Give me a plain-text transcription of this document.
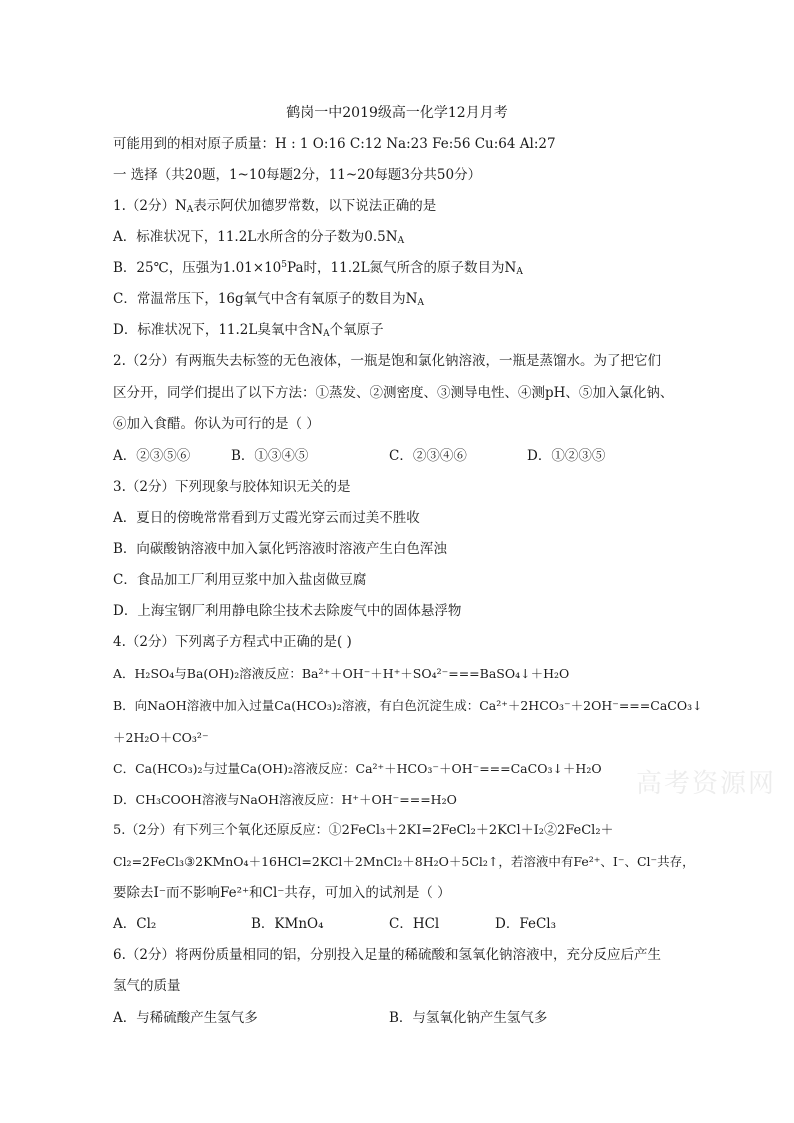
鹤岗一中2019级高一化学12月月考
可能用到的相对原子质量：H : 1 O:16 C:12 Na:23 Fe:56 Cu:64 Al:27
一 选择（共20题，1~10每题2分，11~20每题3分共50分）
1.（2分）$N_A$表示阿伏加德罗常数，以下说法正确的是
A．标准状况下，11.2L水所含的分子数为$0.5N_A$
B．25℃，压强为$1.01\times 10^5Pa$时，11.2L氮气所含的原子数目为$N_A$
C．常温常压下，16g氧气中含有氧原子的数目为$N_A$
D．标准状况下，11.2L臭氧中含$N_A$个氧原子
2.（2分）有两瓶失去标签的无色液体，一瓶是饱和氯化钠溶液，一瓶是蒸馏水。为了把它们
区分开，同学们提出了以下方法：①蒸发、②测密度、③测导电性、④测pH、⑤加入氯化钠、
⑥加入食醋。你认为可行的是（ ）
A．②③⑤⑥	B．①③④⑤	C．②③④⑥	D．①②③⑤
3.（2分）下列现象与胶体知识无关的是
A．夏日的傍晚常常看到万丈霞光穿云而过美不胜收
B．向碳酸钠溶液中加入氯化钙溶液时溶液产生白色浑浊
C．食品加工厂利用豆浆中加入盐卤做豆腐
D．上海宝钢厂利用静电除尘技术去除废气中的固体悬浮物
4.（2分）下列离子方程式中正确的是( )
A．H₂SO₄与Ba(OH)₂溶液反应：Ba²⁺＋OH⁻＋H⁺＋SO₄²⁻===BaSO₄↓＋H₂O
B．向NaOH溶液中加入过量Ca(HCO₃)₂溶液，有白色沉淀生成：Ca²⁺＋2HCO₃⁻＋2OH⁻===CaCO₃↓
＋2H₂O＋CO₃²⁻
C．Ca(HCO₃)₂与过量Ca(OH)₂溶液反应：Ca²⁺＋HCO₃⁻＋OH⁻===CaCO₃↓＋H₂O
D．CH₃COOH溶液与NaOH溶液反应：H⁺＋OH⁻===H₂O
5.（2分）有下列三个氧化还原反应：①2FeCl₃＋2KI=2FeCl₂＋2KCl＋I₂②2FeCl₂＋
Cl₂=2FeCl₃③2KMnO₄＋16HCl=2KCl＋2MnCl₂＋8H₂O＋5Cl₂↑，若溶液中有Fe²⁺、I⁻、Cl⁻共存，
要除去I⁻而不影响Fe²⁺和Cl⁻共存，可加入的试剂是（ ）
A．Cl₂	B．KMnO₄	C．HCl	D．FeCl₃
6.（2分）将两份质量相同的铝，分别投入足量的稀硫酸和氢氧化钠溶液中，充分反应后产生
氢气的质量
A．与稀硫酸产生氢气多	B．与氢氧化钠产生氢气多
高考资源网
